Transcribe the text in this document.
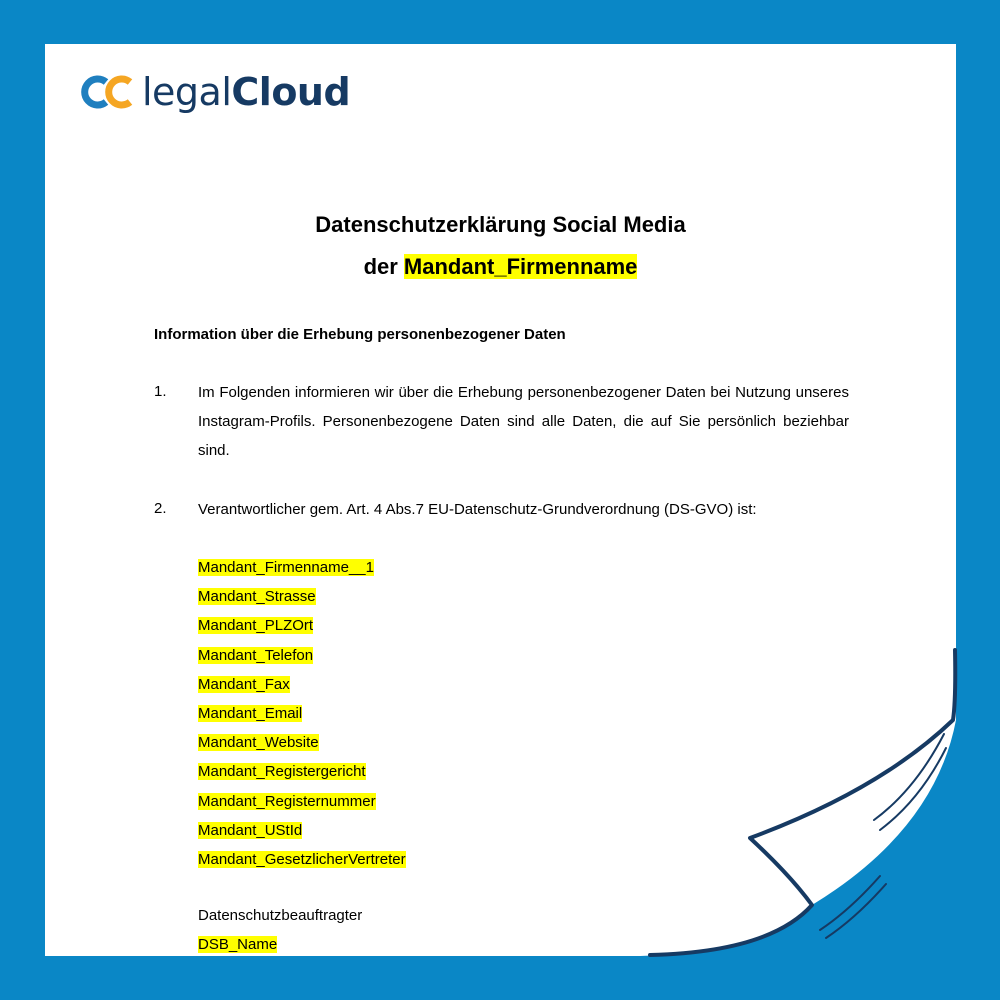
legalCloud
Datenschutzerklärung Social Media
der Mandant_Firmenname
Information über die Erhebung personenbezogener Daten
1. Im Folgenden informieren wir über die Erhebung personenbezogener Daten bei Nutzung unseres Instagram-Profils. Personenbezogene Daten sind alle Daten, die auf Sie persönlich beziehbar sind.
2. Verantwortlicher gem. Art. 4 Abs.7 EU-Datenschutz-Grundverordnung (DS-GVO) ist:
Mandant_Firmenname__1
Mandant_Strasse
Mandant_PLZOrt
Mandant_Telefon
Mandant_Fax
Mandant_Email
Mandant_Website
Mandant_Registergericht
Mandant_Registernummer
Mandant_UStId
Mandant_GesetzlicherVertreter
Datenschutzbeauftragter
DSB_Name
